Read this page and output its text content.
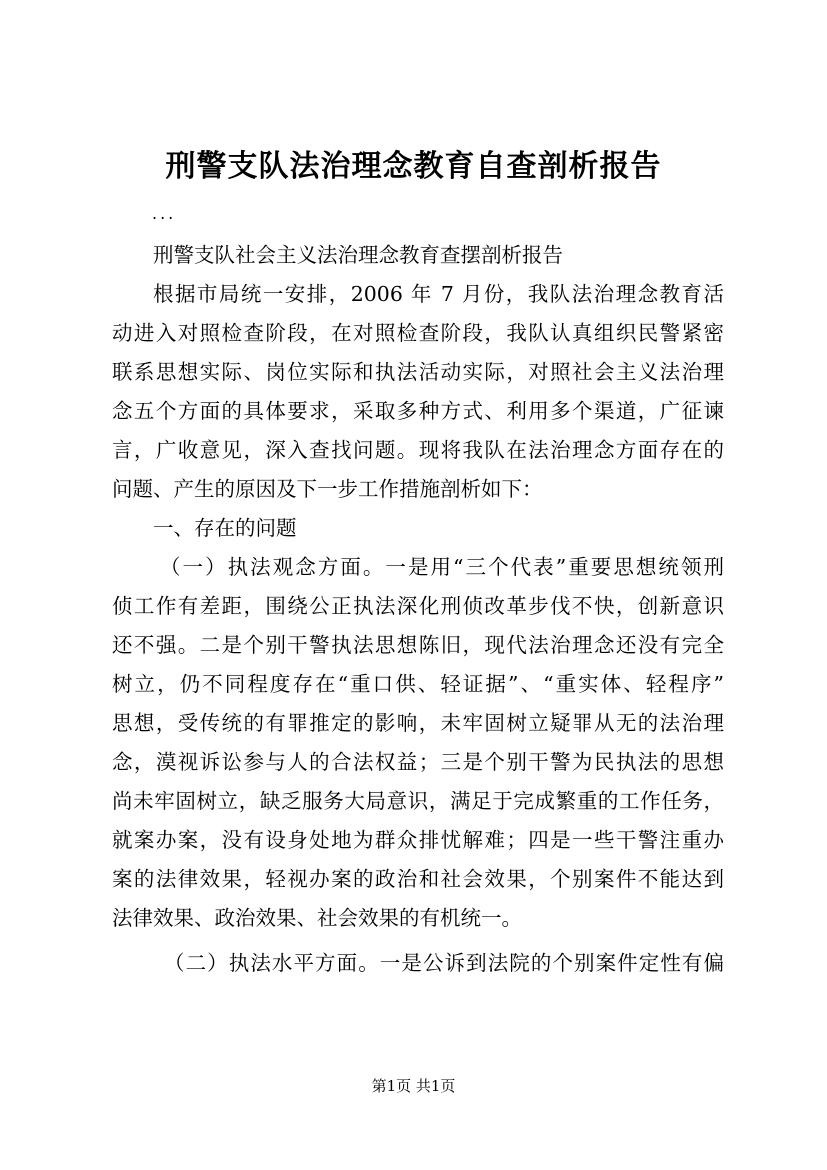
刑警支队法治理念教育自查剖析报告
...
刑警支队社会主义法治理念教育查摆剖析报告
根据市局统一安排，2006 年 7 月份，我队法治理念教育活
动进入对照检查阶段，在对照检查阶段，我队认真组织民警紧密
联系思想实际、岗位实际和执法活动实际，对照社会主义法治理
念五个方面的具体要求，采取多种方式、利用多个渠道，广征谏
言，广收意见，深入查找问题。现将我队在法治理念方面存在的
问题、产生的原因及下一步工作措施剖析如下：
一、存在的问题
（一）执法观念方面。一是用“三个代表”重要思想统领刑
侦工作有差距，围绕公正执法深化刑侦改革步伐不快，创新意识
还不强。二是个别干警执法思想陈旧，现代法治理念还没有完全
树立，仍不同程度存在“重口供、轻证据”、“重实体、轻程序”
思想，受传统的有罪推定的影响，未牢固树立疑罪从无的法治理
念，漠视诉讼参与人的合法权益；三是个别干警为民执法的思想
尚未牢固树立，缺乏服务大局意识，满足于完成繁重的工作任务，
就案办案，没有设身处地为群众排忧解难；四是一些干警注重办
案的法律效果，轻视办案的政治和社会效果，个别案件不能达到
法律效果、政治效果、社会效果的有机统一。
（二）执法水平方面。一是公诉到法院的个别案件定性有偏
第1页 共1页
